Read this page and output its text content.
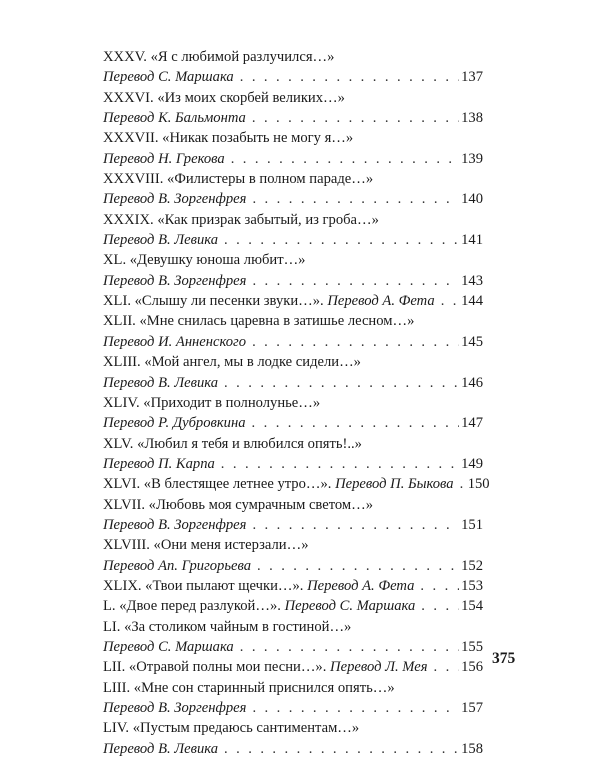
XXXV. «Я с любимой разлучился…»
Перевод С. Маршака . . .	137
XXXVI. «Из моих скорбей великих…»
Перевод К. Бальмонта . . .	138
XXXVII. «Никак позабыть не могу я…»
Перевод Н. Грекова . . .	139
XXXVIII. «Филистеры в полном параде…»
Перевод В. Зоргенфрея . . .	140
XXXIX. «Как призрак забытый, из гроба…»
Перевод В. Левика . . .	141
XL. «Девушку юноша любит…»
Перевод В. Зоргенфрея . . .	143
XLI. «Слышу ли песенки звуки…».
Перевод А. Фета . . . 144
XLII. «Мне снилась царевна в затишье лесном…»
Перевод И. Анненского . . .	145
XLIII. «Мой ангел, мы в лодке сидели…»
Перевод В. Левика . . .	146
XLIV. «Приходит в полнолунье…»
Перевод Р. Дубровкина . . .	147
XLV. «Любил я тебя и влюбился опять!..»
Перевод П. Карпа . . .	149
XLVI. «В блестящее летнее утро…».
Перевод П. Быкова . . . 150
XLVII. «Любовь моя сумрачным светом…»
Перевод В. Зоргенфрея . . .	151
XLVIII. «Они меня истерзали…»
Перевод Ап. Григорьева . . .	152
XLIX. «Твои пылают щечки…».
Перевод А. Фета . . .	153
L. «Двое перед разлукой…».
Перевод С. Маршака . . .	154
LI. «За столиком чайным в гостиной…»
Перевод С. Маршака . . .	155
LII. «Отравой полны мои песни…».
Перевод Л. Мея . . . 156
LIII. «Мне сон старинный приснился опять…»
Перевод В. Зоргенфрея . . .	157
LIV. «Пустым предаюсь сантиментам…»
Перевод В. Левика . . .	158
375
